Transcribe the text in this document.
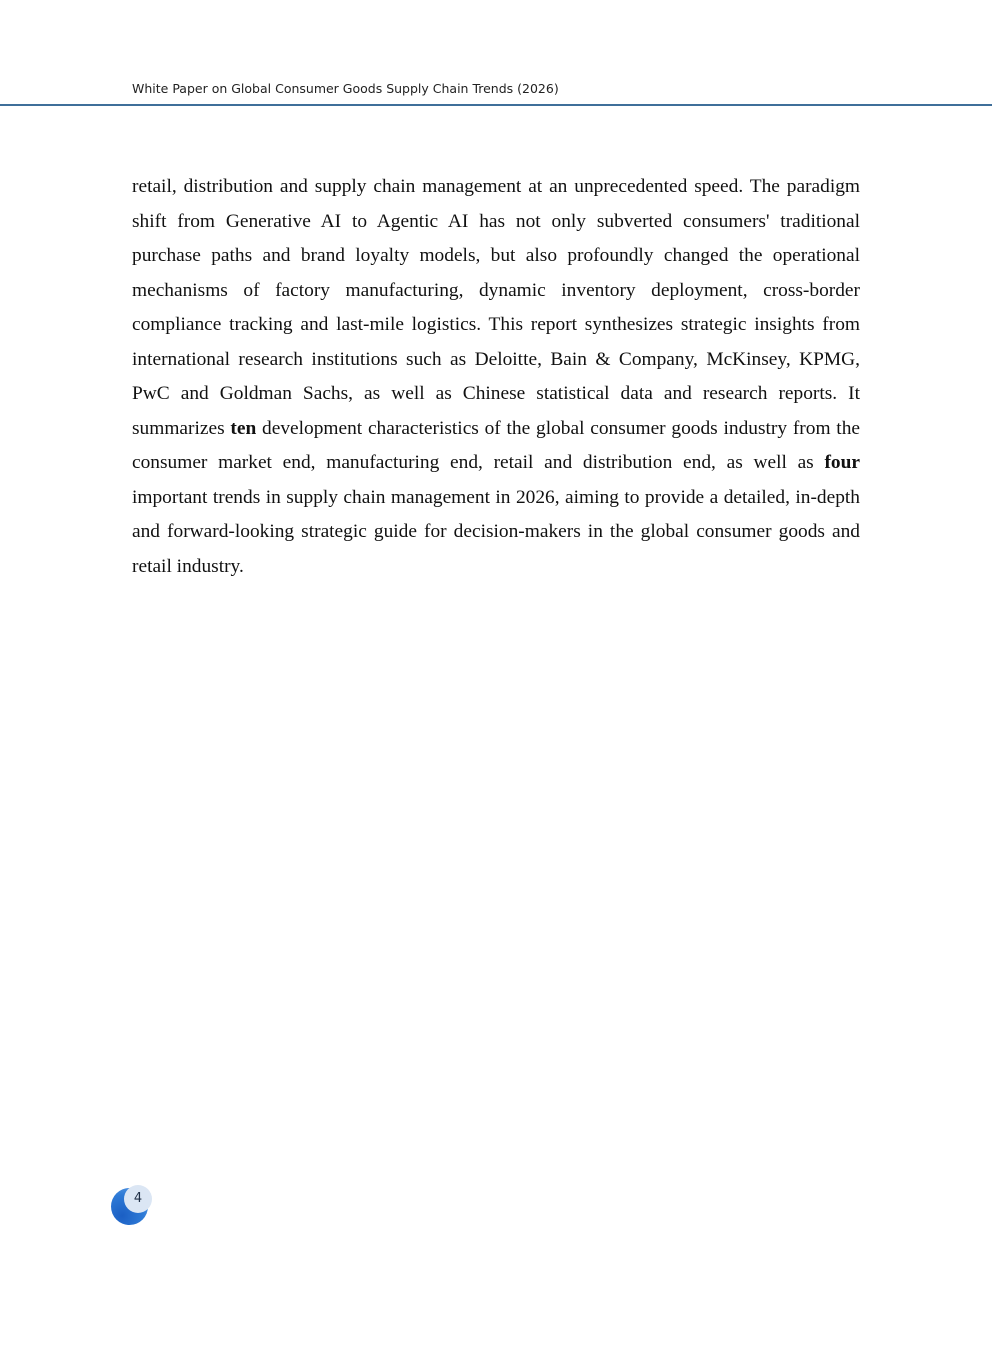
White Paper on Global Consumer Goods Supply Chain Trends (2026)

retail, distribution and supply chain management at an unprecedented speed. The paradigm shift from Generative AI to Agentic AI has not only subverted consumers' traditional purchase paths and brand loyalty models, but also profoundly changed the operational mechanisms of factory manufacturing, dynamic inventory deployment, cross-border compliance tracking and last-mile logistics. This report synthesizes strategic insights from international research institutions such as Deloitte, Bain & Company, McKinsey, KPMG, PwC and Goldman Sachs, as well as Chinese statistical data and research reports. It summarizes ten development characteristics of the global consumer goods industry from the consumer market end, manufacturing end, retail and distribution end, as well as four important trends in supply chain management in 2026, aiming to provide a detailed, in-depth and forward-looking strategic guide for decision-makers in the global consumer goods and retail industry.

4
